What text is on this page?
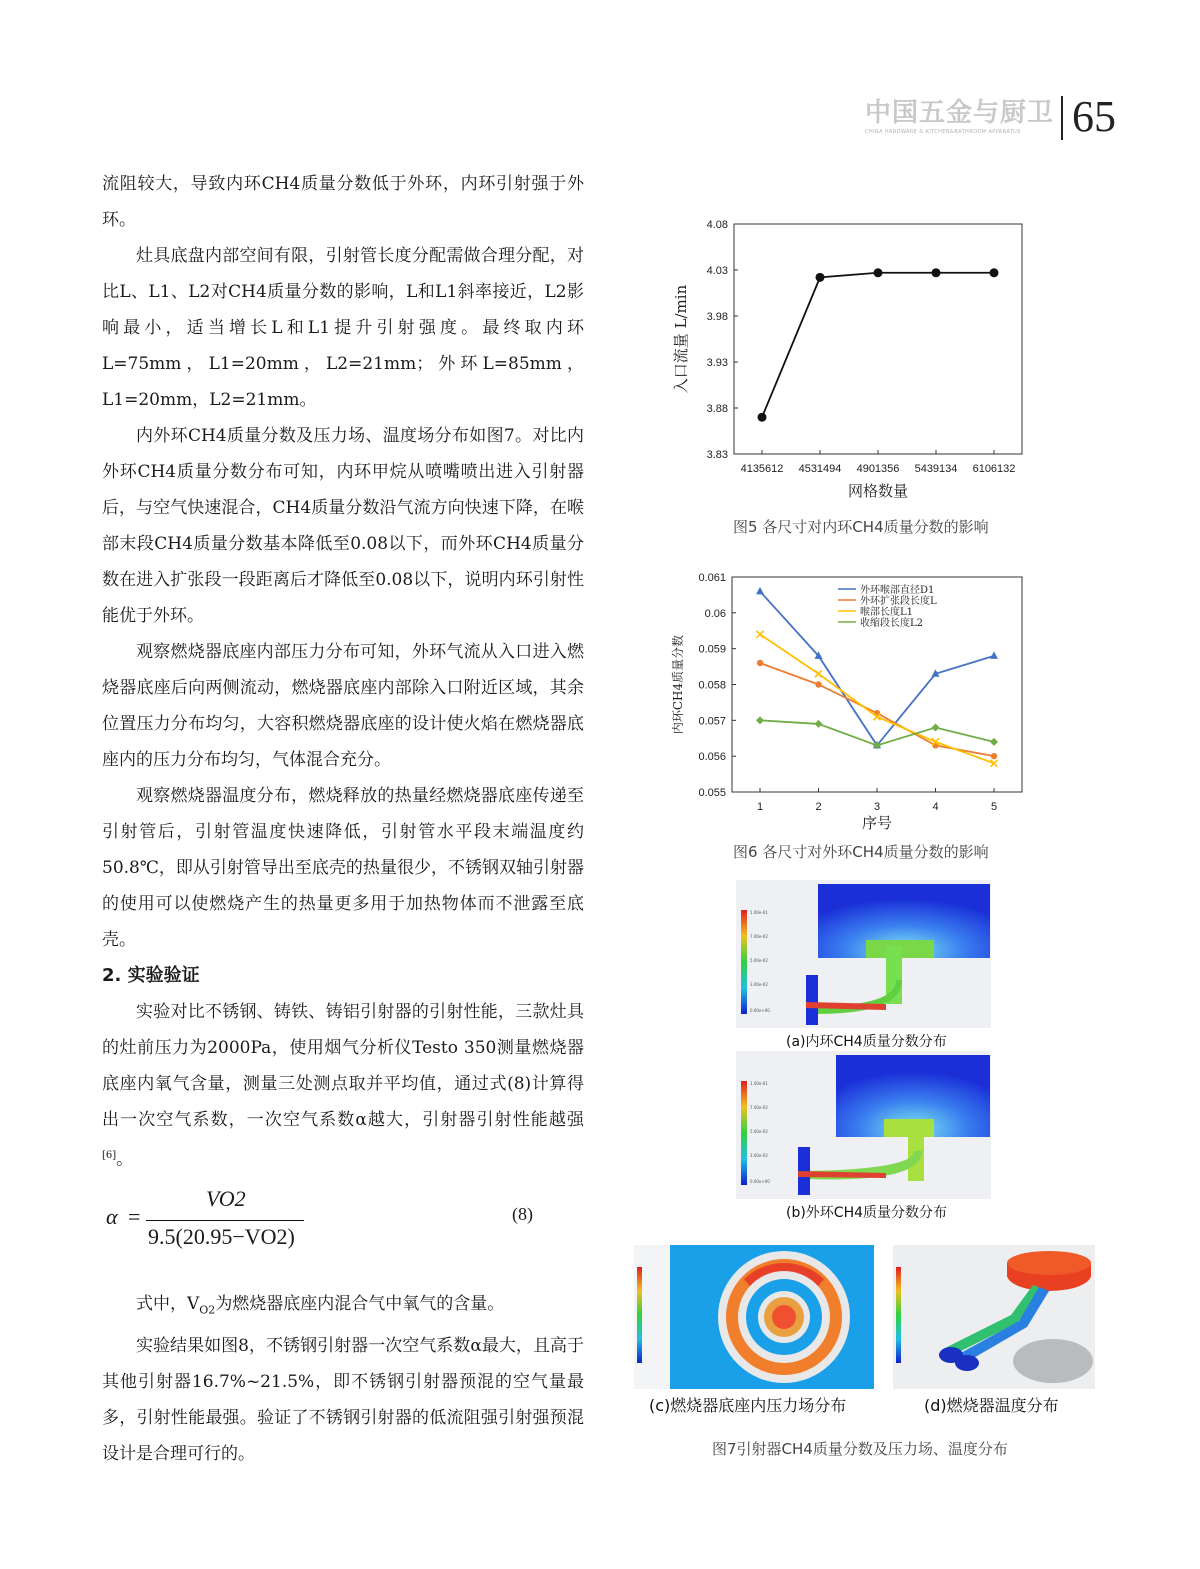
中国五金与厨卫
CHINA HARDWARE & KITCHEN&BATHROOM APPARATUS	65

流阻较大，导致内环CH4质量分数低于外环，内环引射强于外环。

灶具底盘内部空间有限，引射管长度分配需做合理分配，对比L、L1、L2对CH4质量分数的影响，L和L1斜率接近，L2影响最小，适当增长L和L1提升引射强度。最终取内环L=75mm，L1=20mm，L2=21mm；外环L=85mm，L1=20mm，L2=21mm。

内外环CH4质量分数及压力场、温度场分布如图7。对比内外环CH4质量分数分布可知，内环甲烷从喷嘴喷出进入引射器后，与空气快速混合，CH4质量分数沿气流方向快速下降，在喉部末段CH4质量分数基本降低至0.08以下，而外环CH4质量分数在进入扩张段一段距离后才降低至0.08以下，说明内环引射性能优于外环。

观察燃烧器底座内部压力分布可知，外环气流从入口进入燃烧器底座后向两侧流动，燃烧器底座内部除入口附近区域，其余位置压力分布均匀，大容积燃烧器底座的设计使火焰在燃烧器底座内的压力分布均匀，气体混合充分。

观察燃烧器温度分布，燃烧释放的热量经燃烧器底座传递至引射管后，引射管温度快速降低，引射管水平段末端温度约50.8℃，即从引射管导出至底壳的热量很少，不锈钢双轴引射器的使用可以使燃烧产生的热量更多用于加热物体而不泄露至底壳。

2. 实验验证

实验对比不锈钢、铸铁、铸铝引射器的引射性能，三款灶具的灶前压力为2000Pa，使用烟气分析仪Testo 350测量燃烧器底座内氧气含量，测量三处测点取并平均值，通过式(8)计算得出一次空气系数，一次空气系数α越大，引射器引射性能越强[6]。

α =
VO2
9.5(20.95−VO2)
(8)

式中，$V_{O2}$为燃烧器底座内混合气中氧气的含量。

实验结果如图8，不锈钢引射器一次空气系数α最大，且高于其他引射器16.7%~21.5%，即不锈钢引射器预混的空气量最多，引射性能最强。验证了不锈钢引射器的低流阻强引射强预混设计是合理可行的。

3.83
3.88
3.93
3.98
4.03
4.08
4135612 4531494 4901356 5439134 6106132
网格数量
入口流量 L/min
图5 各尺寸对内环CH4质量分数的影响
0.055
0.056
0.057
0.058
0.059
0.06
0.061
1	2	3	4	5
序号
内环CH4质量分数
外环喉部直径D1
外环扩张段长度L
喉部长度L1
收缩段长度L2
图6 各尺寸对外环CH4质量分数的影响
1.00e-01
7.00e-02
5.00e-02
3.00e-02
0.00e+00
(a)内环CH4质量分数分布
1.00e-01
7.00e-02
5.00e-02
3.00e-02
0.00e+00
(b)外环CH4质量分数分布
(c)燃烧器底座内压力场分布	(d)燃烧器温度分布
图7引射器CH4质量分数及压力场、温度分布
